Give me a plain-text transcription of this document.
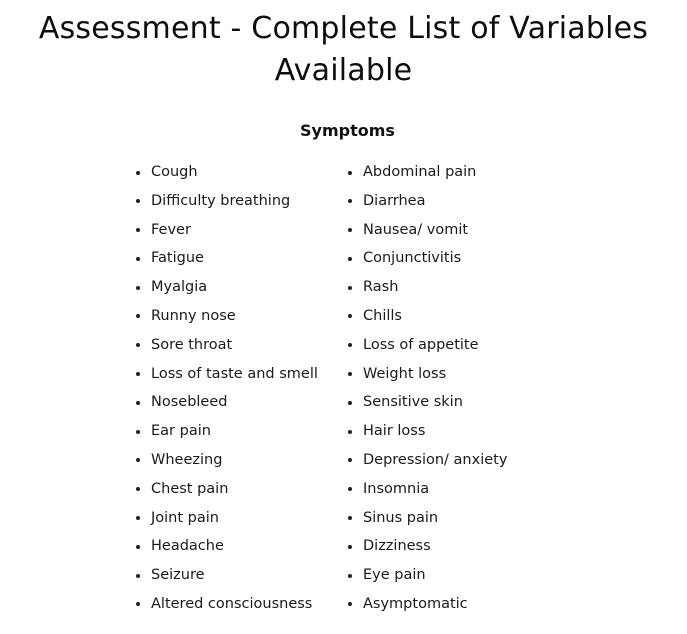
Assessment - Complete List of Variables Available
Symptoms
Cough
Difficulty breathing
Fever
Fatigue
Myalgia
Runny nose
Sore throat
Loss of taste and smell
Nosebleed
Ear pain
Wheezing
Chest pain
Joint pain
Headache
Seizure
Altered consciousness
Abdominal pain
Diarrhea
Nausea/ vomit
Conjunctivitis
Rash
Chills
Loss of appetite
Weight loss
Sensitive skin
Hair loss
Depression/ anxiety
Insomnia
Sinus pain
Dizziness
Eye pain
Asymptomatic
